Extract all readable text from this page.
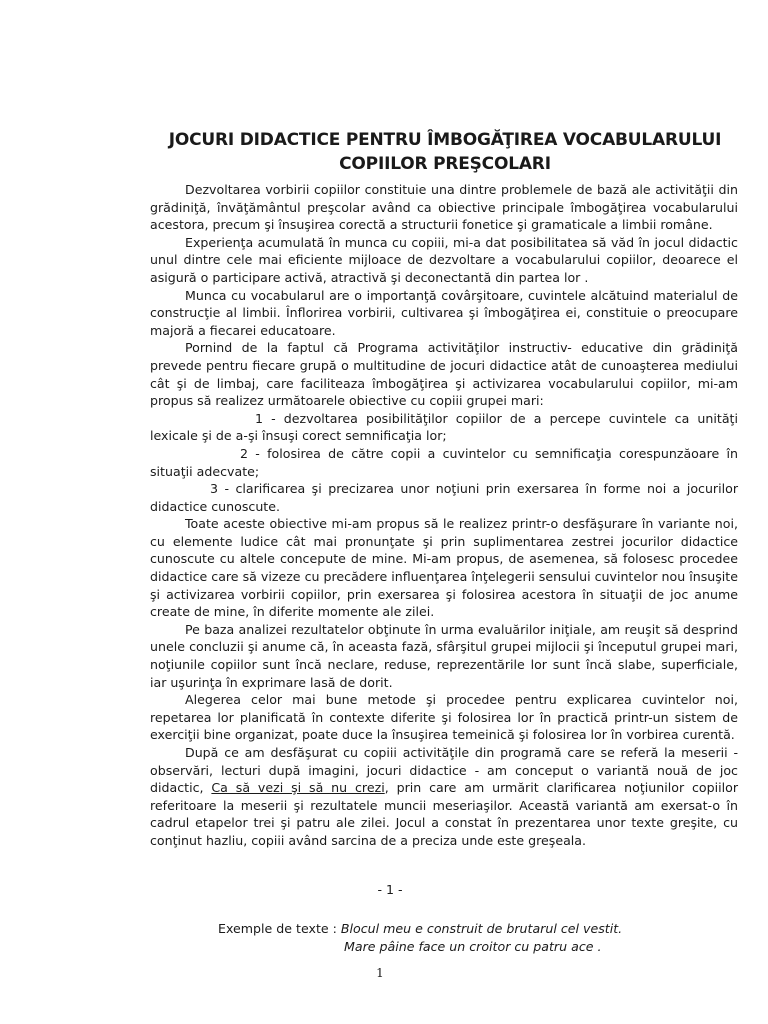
JOCURI DIDACTICE PENTRU ÎMBOGĂŢIREA VOCABULARULUI
COPIILOR PREŞCOLARI

Dezvoltarea vorbirii copiilor constituie una dintre problemele de bază ale activităţii din grădiniţă, învăţământul preşcolar având ca obiective principale îmbogăţirea vocabularului acestora, precum şi însuşirea corectă a structurii fonetice şi gramaticale a limbii române.

Experienţa acumulată în munca cu copiii, mi-a dat posibilitatea să văd în jocul didactic unul dintre cele mai eficiente mijloace de dezvoltare a vocabularului copiilor, deoarece el asigură o participare activă, atractivă şi deconectantă din partea lor .

Munca cu vocabularul are o importanţă covârşitoare, cuvintele alcătuind materialul de construcţie al limbii. Înflorirea vorbirii, cultivarea şi îmbogăţirea ei, constituie o preocupare majoră a fiecarei educatoare.

Pornind de la faptul că Programa activităţilor instructiv- educative din grădiniţă prevede pentru fiecare grupă o multitudine de jocuri didactice atât de cunoaşterea mediului cât şi de limbaj, care faciliteaza îmbogăţirea şi activizarea vocabularului copiilor, mi-am propus să realizez următoarele obiective cu copiii grupei mari:

1 - dezvoltarea posibilităţilor copiilor de a percepe cuvintele ca unităţi lexicale şi de a-şi însuşi corect semnificaţia lor;

2 - folosirea de către copii a cuvintelor cu semnificaţia corespunzăoare în situaţii adecvate;

3 - clarificarea şi precizarea unor noţiuni prin exersarea în forme noi a jocurilor didactice cunoscute.

Toate aceste obiective mi-am propus să le realizez printr-o desfăşurare în variante noi, cu elemente ludice cât mai pronunţate şi prin suplimentarea zestrei jocurilor didactice cunoscute cu altele concepute de mine. Mi-am propus, de asemenea, să folosesc procedee didactice care să vizeze cu precădere influenţarea înţelegerii sensului cuvintelor nou însuşite şi activizarea vorbirii copiilor, prin exersarea şi folosirea acestora în situaţii de joc anume create de mine, în diferite momente ale zilei.

Pe baza analizei rezultatelor obţinute în urma evaluărilor iniţiale, am reuşit să desprind unele concluzii şi anume că, în aceasta fază, sfârşitul grupei mijlocii şi începutul grupei mari, noţiunile copiilor sunt încă neclare, reduse, reprezentările lor sunt încă slabe, superficiale, iar uşurinţa în exprimare lasă de dorit.

Alegerea celor mai bune metode şi procedee pentru explicarea cuvintelor noi, repetarea lor planificată în contexte diferite şi folosirea lor în practică printr-un sistem de exerciţii bine organizat, poate duce la însuşirea temeinică şi folosirea lor în vorbirea curentă.

După ce am desfăşurat cu copiii activităţile din programă care se referă la meserii - observări, lecturi după imagini, jocuri didactice - am conceput o variantă nouă de joc didactic, Ca să vezi şi să nu crezi, prin care am urmărit clarificarea noţiunilor copiilor referitoare la meserii şi rezultatele muncii meseriaşilor. Această variantă am exersat-o în cadrul etapelor trei şi patru ale zilei. Jocul a constat în prezentarea unor texte greşite, cu conţinut hazliu, copiii având sarcina de a preciza unde este greşeala.

- 1 -
Exemple de texte : Blocul meu e construit de brutarul cel vestit.
Mare pâine face un croitor cu patru ace .
1
